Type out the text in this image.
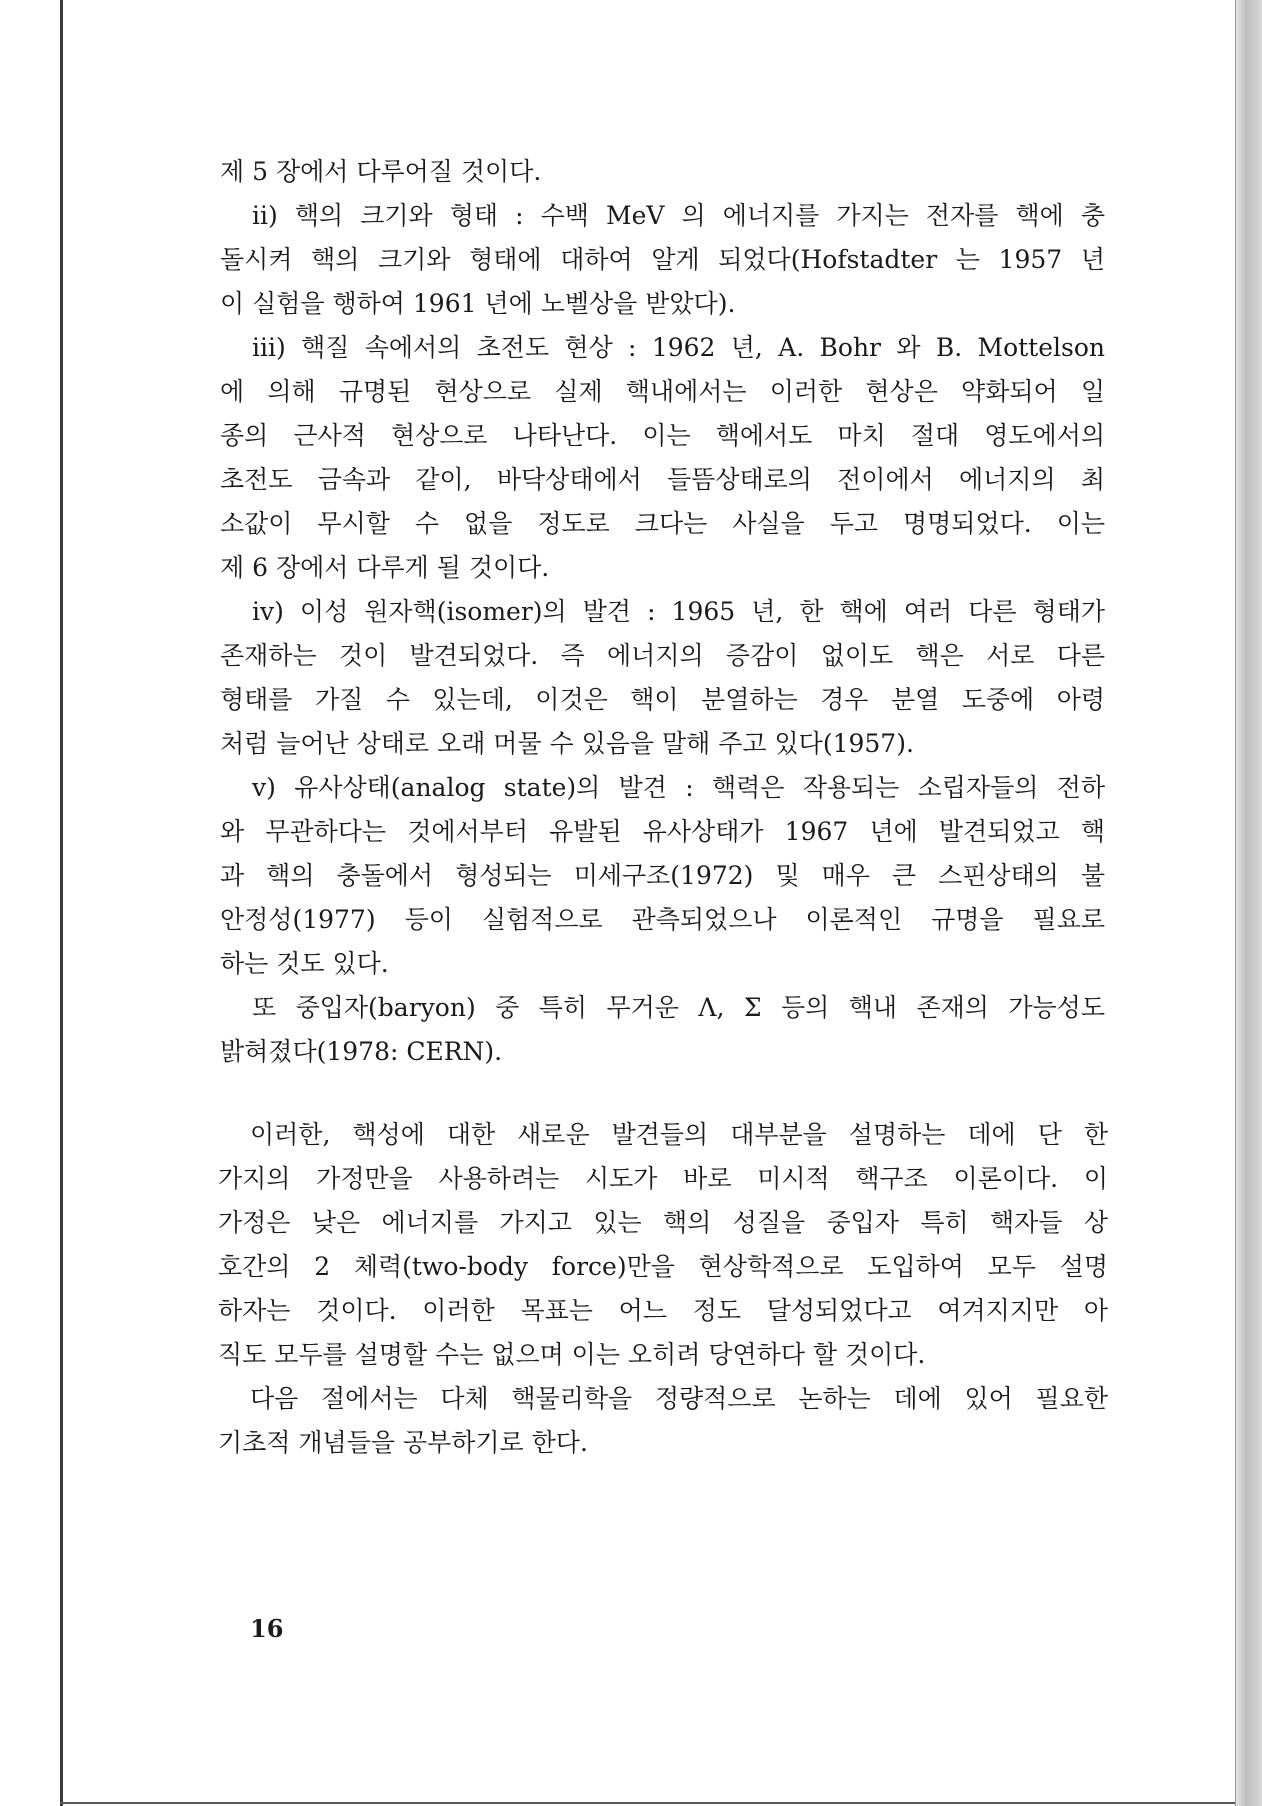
제 5 장에서 다루어질 것이다.
ii) 핵의 크기와 형태 : 수백 MeV 의 에너지를 가지는 전자를 핵에 충
돌시켜 핵의 크기와 형태에 대하여 알게 되었다(Hofstadter 는 1957 년
이 실험을 행하여 1961 년에 노벨상을 받았다).
iii) 핵질 속에서의 초전도 현상 : 1962 년, A. Bohr 와 B. Mottelson
에 의해 규명된 현상으로 실제 핵내에서는 이러한 현상은 약화되어 일
종의 근사적 현상으로 나타난다. 이는 핵에서도 마치 절대 영도에서의
초전도 금속과 같이, 바닥상태에서 들뜸상태로의 전이에서 에너지의 최
소값이 무시할 수 없을 정도로 크다는 사실을 두고 명명되었다. 이는
제 6 장에서 다루게 될 것이다.
iv) 이성 원자핵(isomer)의 발견 : 1965 년, 한 핵에 여러 다른 형태가
존재하는 것이 발견되었다. 즉 에너지의 증감이 없이도 핵은 서로 다른
형태를 가질 수 있는데, 이것은 핵이 분열하는 경우 분열 도중에 아령
처럼 늘어난 상태로 오래 머물 수 있음을 말해 주고 있다(1957).
v) 유사상태(analog state)의 발견 : 핵력은 작용되는 소립자들의 전하
와 무관하다는 것에서부터 유발된 유사상태가 1967 년에 발견되었고 핵
과 핵의 충돌에서 형성되는 미세구조(1972) 및 매우 큰 스핀상태의 불
안정성(1977) 등이 실험적으로 관측되었으나 이론적인 규명을 필요로
하는 것도 있다.
또 중입자(baryon) 중 특히 무거운 Λ, Σ 등의 핵내 존재의 가능성도
밝혀졌다(1978: CERN).
이러한, 핵성에 대한 새로운 발견들의 대부분을 설명하는 데에 단 한
가지의 가정만을 사용하려는 시도가 바로 미시적 핵구조 이론이다. 이
가정은 낮은 에너지를 가지고 있는 핵의 성질을 중입자 특히 핵자들 상
호간의 2 체력(two-body force)만을 현상학적으로 도입하여 모두 설명
하자는 것이다. 이러한 목표는 어느 정도 달성되었다고 여겨지지만 아
직도 모두를 설명할 수는 없으며 이는 오히려 당연하다 할 것이다.
다음 절에서는 다체 핵물리학을 정량적으로 논하는 데에 있어 필요한
기초적 개념들을 공부하기로 한다.
16
